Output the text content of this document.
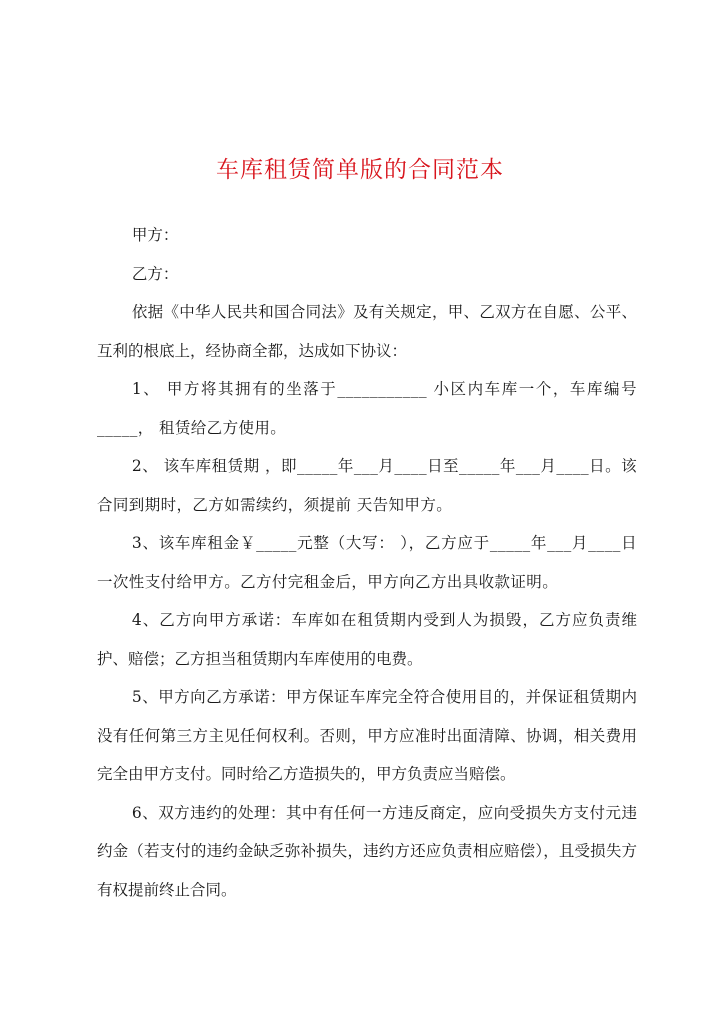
车库租赁简单版的合同范本

甲方：

乙方：

依据《中华人民共和国合同法》及有关规定，甲、乙双方在自愿、公平、互利的根底上，经协商全都，达成如下协议：

1、 甲方将其拥有的坐落于___________ 小区内车库一个，车库编号_____， 租赁给乙方使用。

2、 该车库租赁期 ，即_____年___月____日至_____年___月____日。该合同到期时，乙方如需续约，须提前 天告知甲方。

3、该车库租金￥_____元整（大写： ），乙方应于_____年___月____日一次性支付给甲方。乙方付完租金后，甲方向乙方出具收款证明。

4、乙方向甲方承诺：车库如在租赁期内受到人为损毁，乙方应负责维护、赔偿；乙方担当租赁期内车库使用的电费。

5、甲方向乙方承诺：甲方保证车库完全符合使用目的，并保证租赁期内没有任何第三方主见任何权利。否则，甲方应准时出面清障、协调，相关费用完全由甲方支付。同时给乙方造损失的，甲方负责应当赔偿。

6、双方违约的处理：其中有任何一方违反商定，应向受损失方支付元违约金（若支付的违约金缺乏弥补损失，违约方还应负责相应赔偿），且受损失方有权提前终止合同。
